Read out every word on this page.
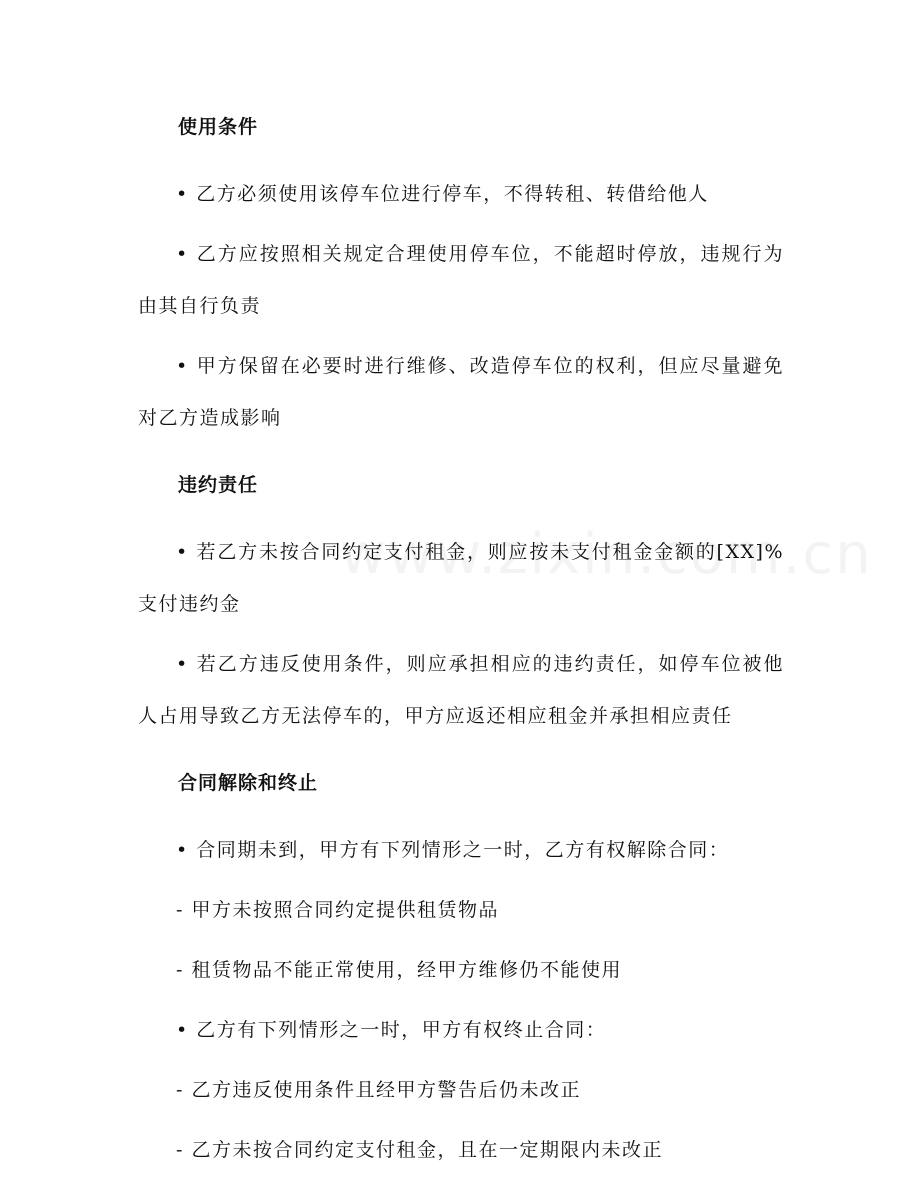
使用条件

• 乙方必须使用该停车位进行停车，不得转租、转借给他人

• 乙方应按照相关规定合理使用停车位，不能超时停放，违规行为
由其自行负责

• 甲方保留在必要时进行维修、改造停车位的权利，但应尽量避免
对乙方造成影响

违约责任

• 若乙方未按合同约定支付租金，则应按未支付租金金额的[XX]%
支付违约金

• 若乙方违反使用条件，则应承担相应的违约责任，如停车位被他
人占用导致乙方无法停车的，甲方应返还相应租金并承担相应责任

合同解除和终止

• 合同期未到，甲方有下列情形之一时，乙方有权解除合同：

- 甲方未按照合同约定提供租赁物品

- 租赁物品不能正常使用，经甲方维修仍不能使用

• 乙方有下列情形之一时，甲方有权终止合同：

- 乙方违反使用条件且经甲方警告后仍未改正

- 乙方未按合同约定支付租金，且在一定期限内未改正
